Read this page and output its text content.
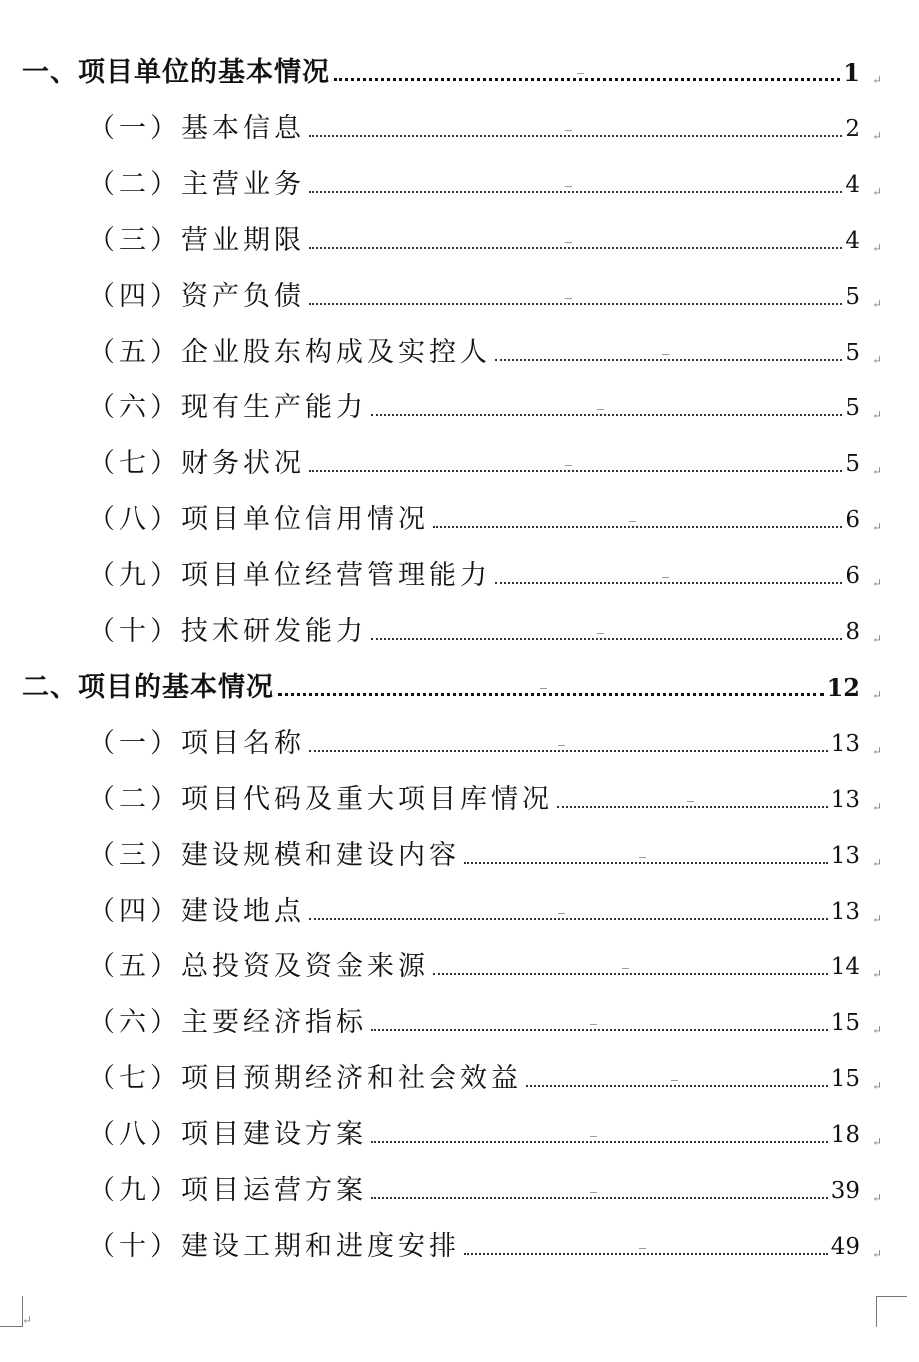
一、项目单位的基本情况	1 ↵
（一）基本信息	2 ↵
（二）主营业务	4 ↵
（三）营业期限	4 ↵
（四）资产负债	5 ↵
（五）企业股东构成及实控人	5 ↵
（六）现有生产能力	5 ↵
（七）财务状况	5 ↵
（八）项目单位信用情况	6 ↵
（九）项目单位经营管理能力	6 ↵
（十）技术研发能力	8 ↵
二、项目的基本情况	12 ↵
（一）项目名称	13 ↵
（二）项目代码及重大项目库情况	13 ↵
（三）建设规模和建设内容	13 ↵
（四）建设地点	13 ↵
（五）总投资及资金来源	14 ↵
（六）主要经济指标	15 ↵
（七）项目预期经济和社会效益	15 ↵
（八）项目建设方案	18 ↵
（九）项目运营方案	39 ↵
（十）建设工期和进度安排	49 ↵
↵
